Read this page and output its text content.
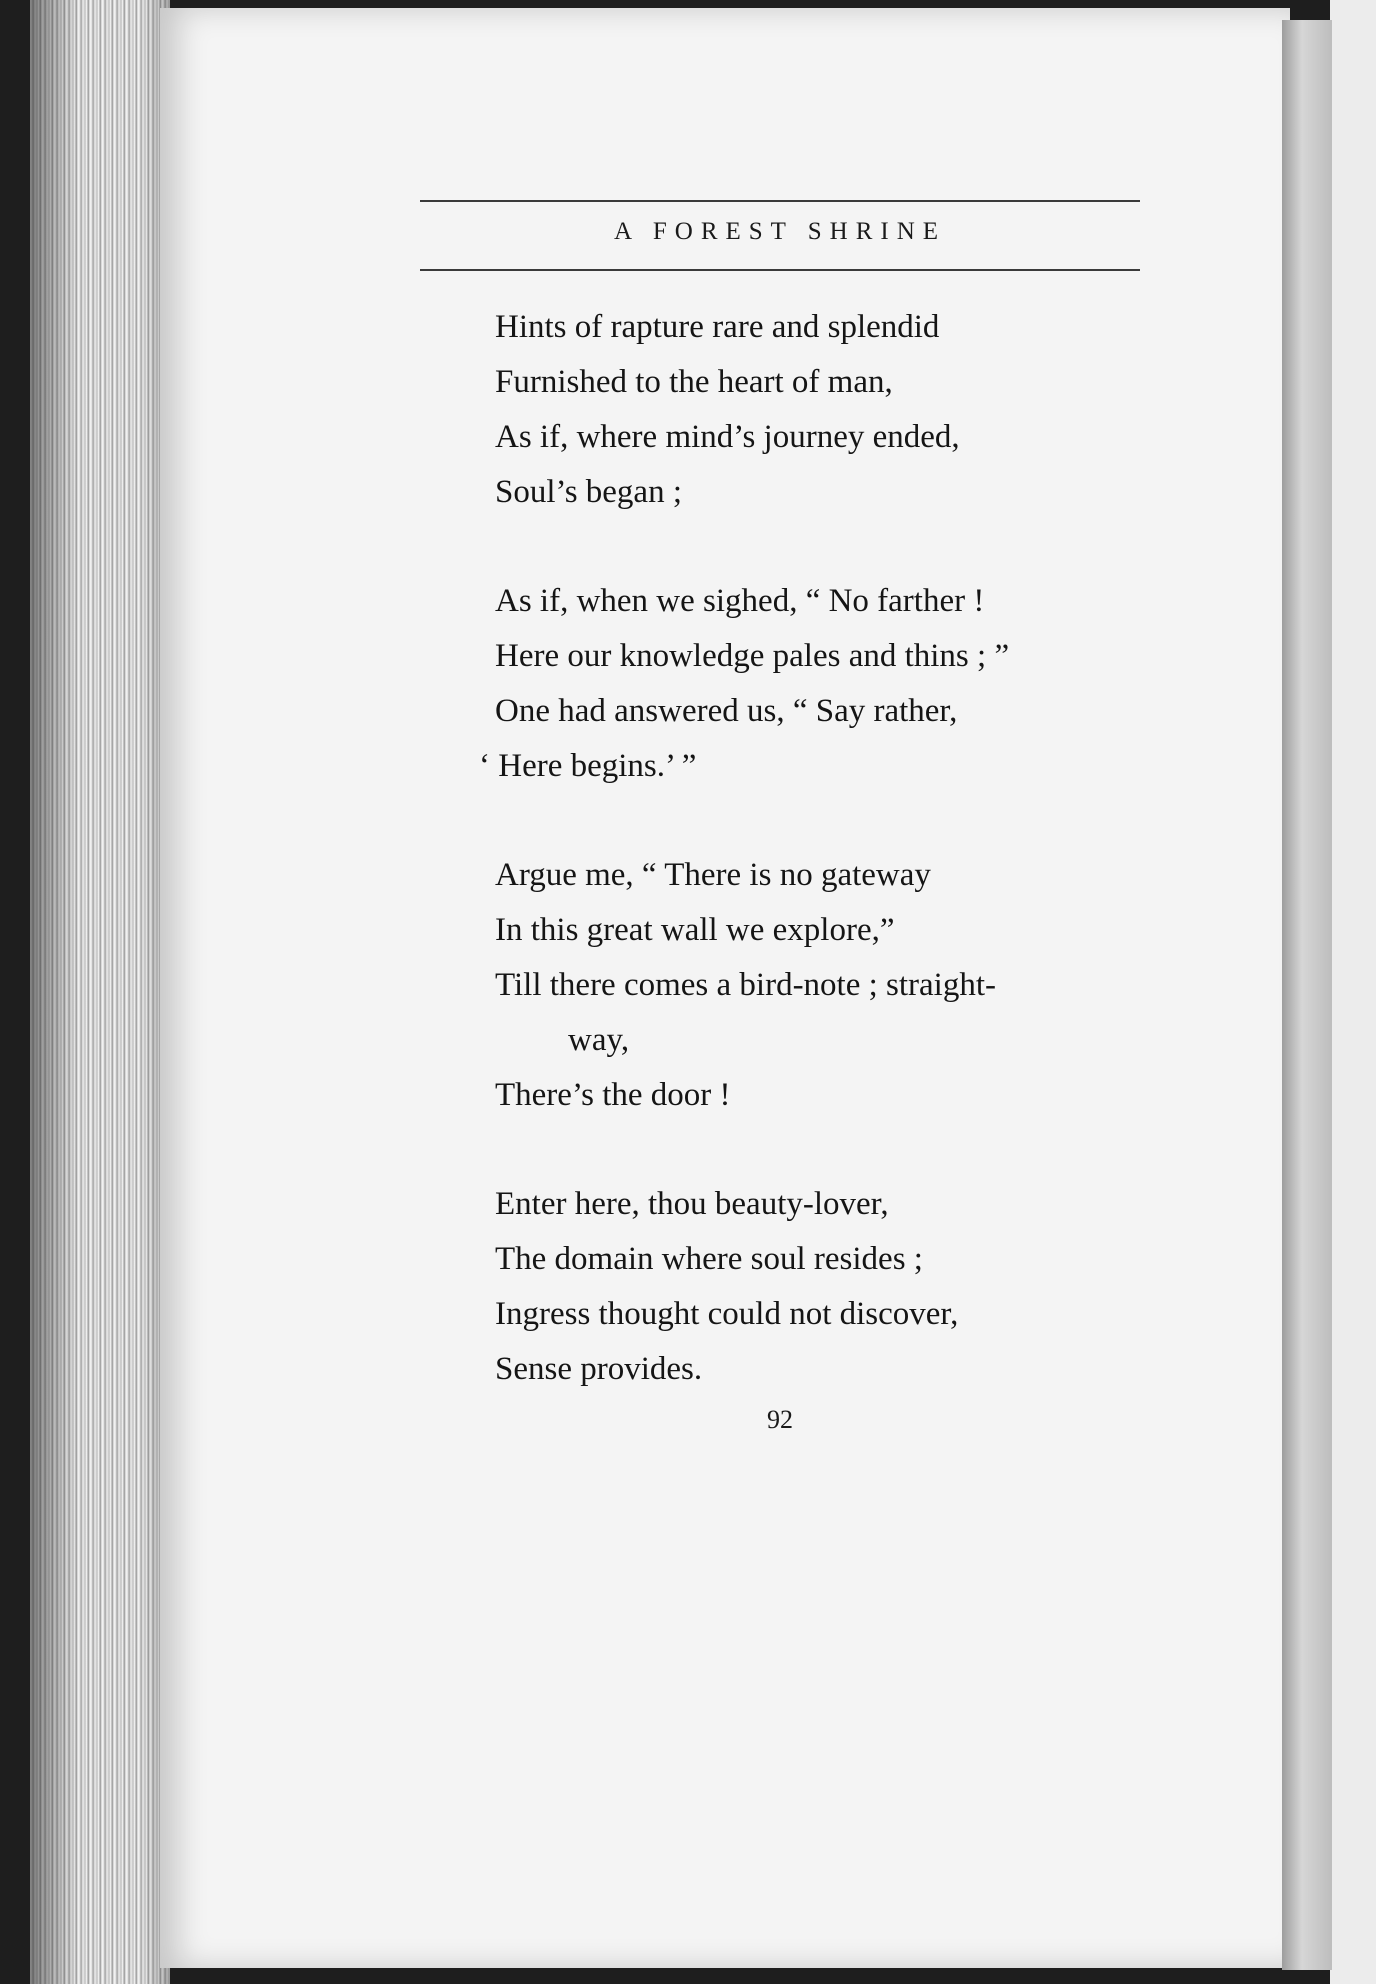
A FOREST SHRINE
Hints of rapture rare and splendid
Furnished to the heart of man,
As if, where mind’s journey ended,
Soul’s began ;
As if, when we sighed, “ No farther !
Here our knowledge pales and thins ; ”
One had answered us, “ Say rather,
‘ Here begins.’ ”
Argue me, “ There is no gateway
In this great wall we explore,”
Till there comes a bird-note ; straight-
way,
There’s the door !
Enter here, thou beauty-lover,
The domain where soul resides ;
Ingress thought could not discover,
Sense provides.
92
